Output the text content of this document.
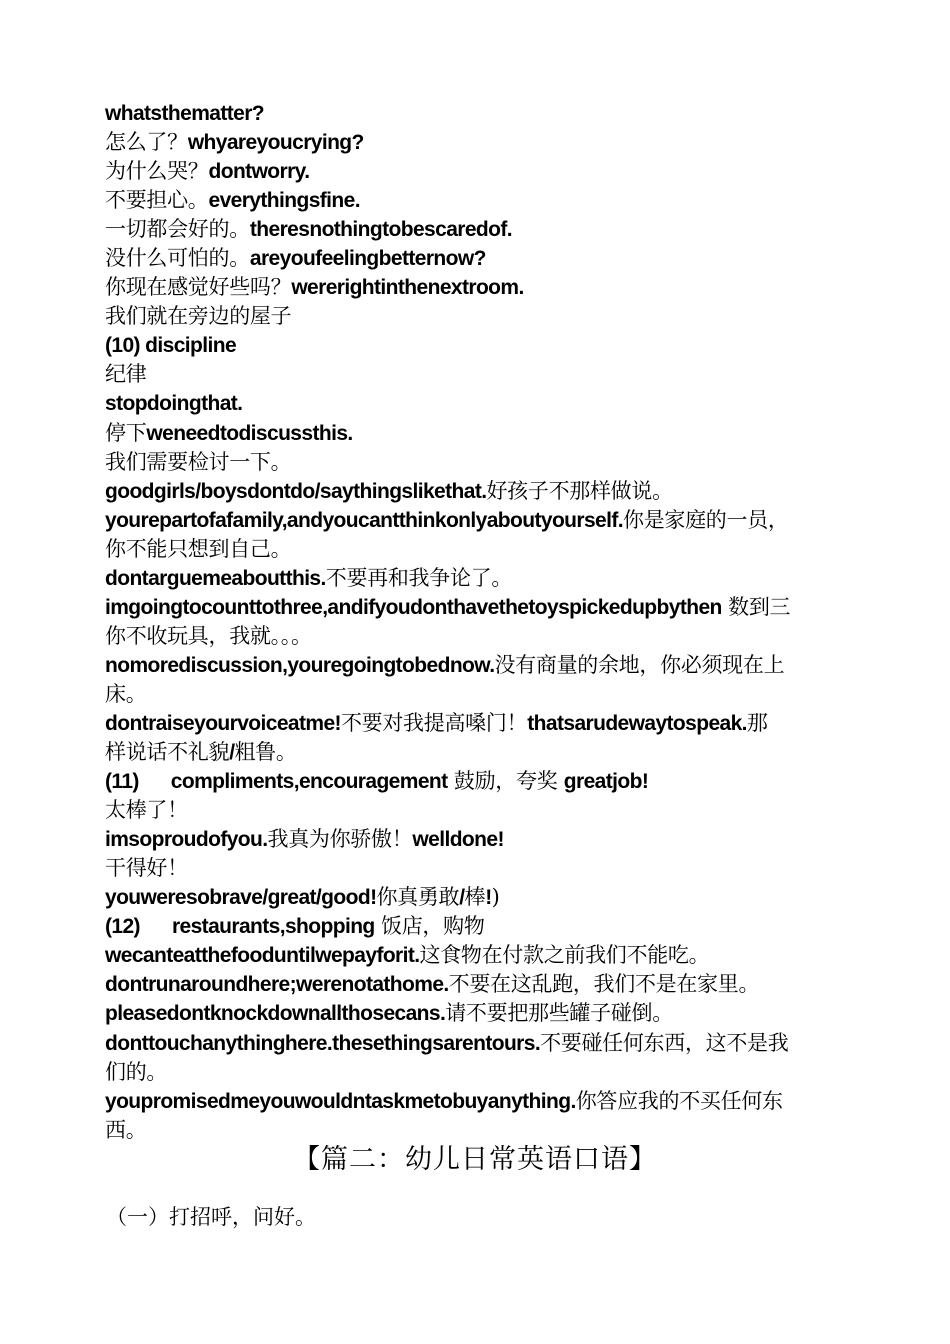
whatsthematter?
怎么了？whyareyoucrying?
为什么哭？dontworry.
不要担心。everythingsfine.
一切都会好的。theresnothingtobescaredof.
没什么可怕的。areyoufeelingbetternow?
你现在感觉好些吗？wererightinthenextroom.
我们就在旁边的屋子
(10) discipline
纪律
stopdoingthat.
停下weneedtodiscussthis.
我们需要检讨一下。
goodgirls/boysdontdo/saythingslikethat.好孩子不那样做说。
yourepartofafamily,andyoucantthinkonlyaboutyourself.你是家庭的一员，
你不能只想到自己。
dontarguemeaboutthis.不要再和我争论了。
imgoingtocounttothree,andifyoudonthavethetoyspickedupbythen 数到三
你不收玩具，我就。。。
nomorediscussion,youregoingtobednow.没有商量的余地，你必须现在上
床。
dontraiseyourvoiceatme!不要对我提高嗓门！thatsarudewaytospeak.那
样说话不礼貌/粗鲁。
(11) compliments,encouragement 鼓励，夸奖 greatjob!
太棒了！
imsoproudofyou.我真为你骄傲！welldone!
干得好！
youweresobrave/great/good!你真勇敢/棒!)
(12) restaurants,shopping 饭店，购物
wecanteatthefooduntilwepayforit.这食物在付款之前我们不能吃。
dontrunaroundhere;werenotathome.不要在这乱跑，我们不是在家里。
pleasedontknockdownallthosecans.请不要把那些罐子碰倒。
donttouchanythinghere.thesethingsarentours.不要碰任何东西，这不是我
们的。
youpromisedmeyouwouldntaskmetobuyanything.你答应我的不买任何东
西。
【篇二：幼儿日常英语口语】
（一）打招呼，问好。
